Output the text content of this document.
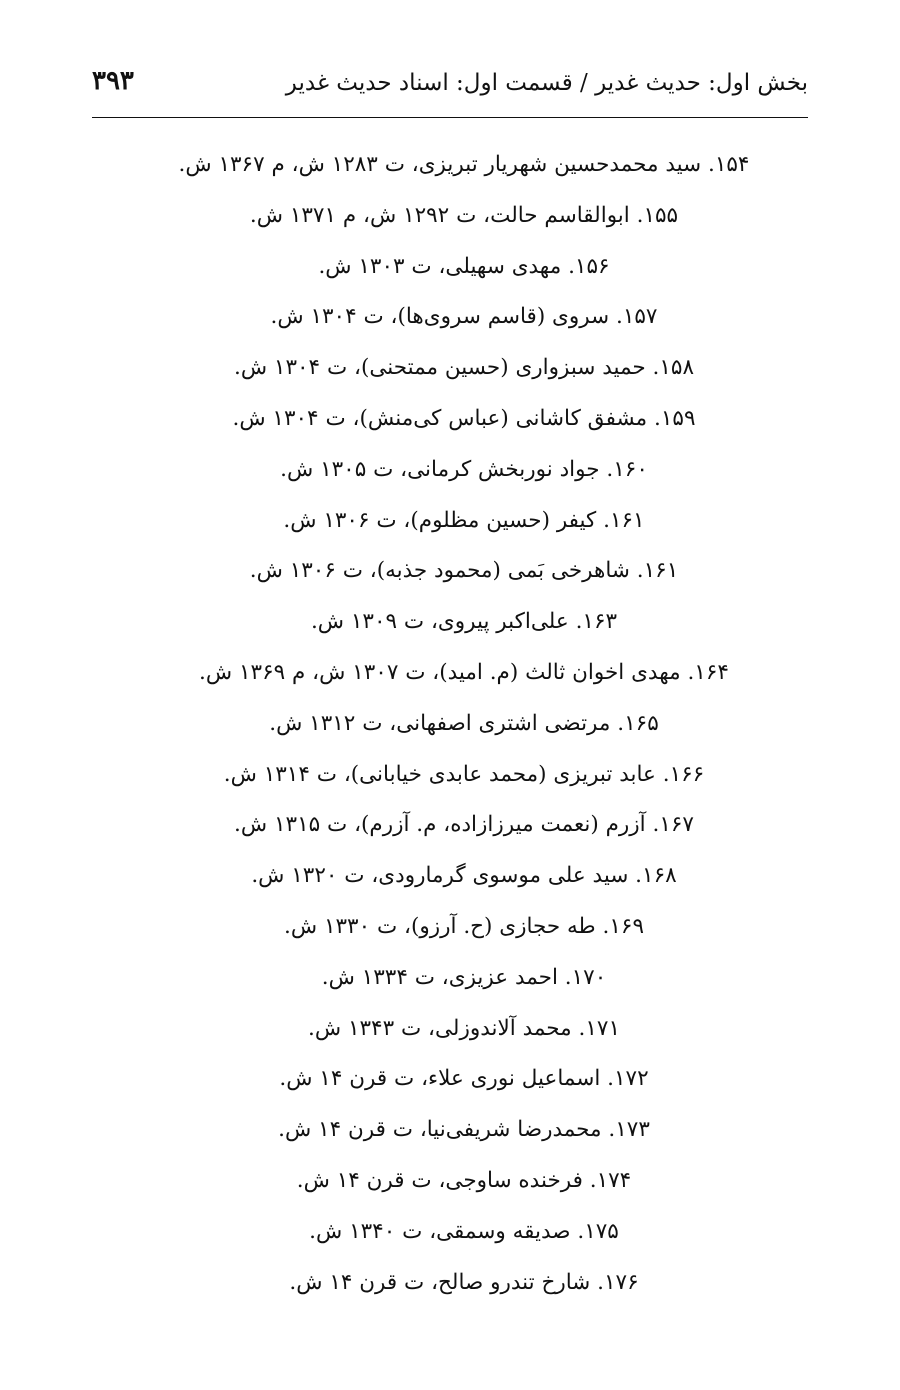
بخش اول: حدیث غدیر / قسمت اول: اسناد حدیث غدیر
۳۹۳
۱۵۴. سید محمدحسین شهریار تبریزی، ت ۱۲۸۳ ش، م ۱۳۶۷ ش.
۱۵۵. ابوالقاسم حالت، ت ۱۲۹۲ ش، م ۱۳۷۱ ش.
۱۵۶. مهدی سهیلی، ت ۱۳۰۳ ش.
۱۵۷. سروی (قاسم سروی‌ها)، ت ۱۳۰۴ ش.
۱۵۸. حمید سبزواری (حسین ممتحنی)، ت ۱۳۰۴ ش.
۱۵۹. مشفق کاشانی (عباس کی‌منش)، ت ۱۳۰۴ ش.
۱۶۰. جواد نوربخش کرمانی، ت ۱۳۰۵ ش.
۱۶۱. کیفر (حسین مظلوم)، ت ۱۳۰۶ ش.
۱۶۱. شاهرخی بَمی (محمود جذبه)، ت ۱۳۰۶ ش.
۱۶۳. علی‌اکبر پیروی، ت ۱۳۰۹ ش.
۱۶۴. مهدی اخوان ثالث (م. امید)، ت ۱۳۰۷ ش، م ۱۳۶۹ ش.
۱۶۵. مرتضی اشتری اصفهانی، ت ۱۳۱۲ ش.
۱۶۶. عابد تبریزی (محمد عابدی خیابانی)، ت ۱۳۱۴ ش.
۱۶۷. آزرم (نعمت میرزازاده، م. آزرم)، ت ۱۳۱۵ ش.
۱۶۸. سید علی موسوی گرمارودی، ت ۱۳۲۰ ش.
۱۶۹. طه حجازی (ح. آرزو)، ت ۱۳۳۰ ش.
۱۷۰. احمد عزیزی، ت ۱۳۳۴ ش.
۱۷۱. محمد آلاندوزلی، ت ۱۳۴۳ ش.
۱۷۲. اسماعیل نوری علاء، ت قرن ۱۴ ش.
۱۷۳. محمدرضا شریفی‌نیا، ت قرن ۱۴ ش.
۱۷۴. فرخنده ساوجی، ت قرن ۱۴ ش.
۱۷۵. صدیقه وسمقی، ت ۱۳۴۰ ش.
۱۷۶. شارخ تندرو صالح، ت قرن ۱۴ ش.
